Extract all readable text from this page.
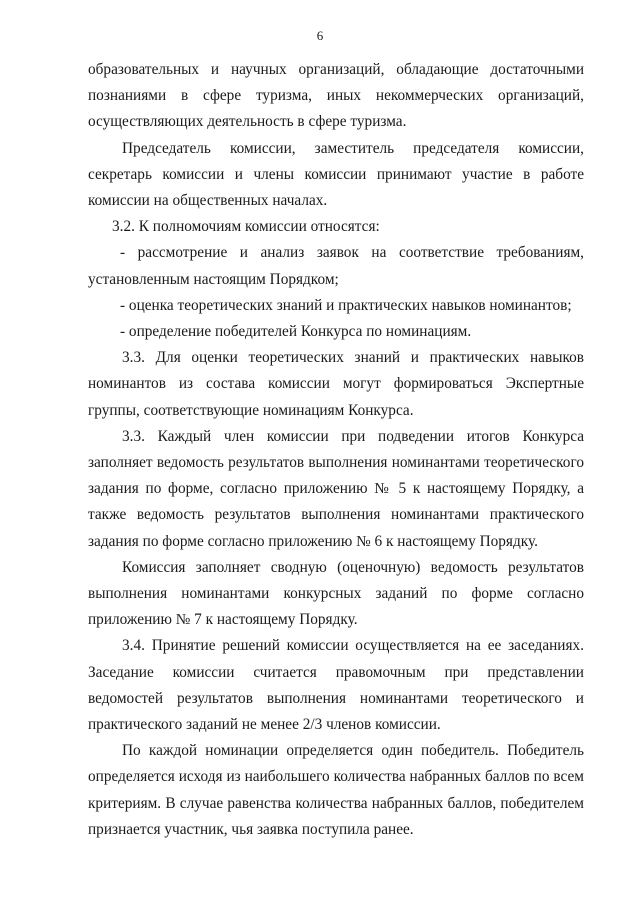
6

образовательных и научных организаций, обладающие достаточными познаниями в сфере туризма, иных некоммерческих организаций, осуществляющих деятельность в сфере туризма.

Председатель комиссии, заместитель председателя комиссии, секретарь комиссии и члены комиссии принимают участие в работе комиссии на общественных началах.

3.2. К полномочиям комиссии относятся:

- рассмотрение и анализ заявок на соответствие требованиям, установленным настоящим Порядком;

- оценка теоретических знаний и практических навыков номинантов;

- определение победителей Конкурса по номинациям.

3.3. Для оценки теоретических знаний и практических навыков номинантов из состава комиссии могут формироваться Экспертные группы, соответствующие номинациям Конкурса.

3.3. Каждый член комиссии при подведении итогов Конкурса заполняет ведомость результатов выполнения номинантами теоретического задания по форме, согласно приложению № 5 к настоящему Порядку, а также ведомость результатов выполнения номинантами практического задания по форме согласно приложению № 6 к настоящему Порядку.

Комиссия заполняет сводную (оценочную) ведомость результатов выполнения номинантами конкурсных заданий по форме согласно приложению № 7 к настоящему Порядку.

3.4. Принятие решений комиссии осуществляется на ее заседаниях. Заседание комиссии считается правомочным при представлении ведомостей результатов выполнения номинантами теоретического и практического заданий не менее 2/3 членов комиссии.

По каждой номинации определяется один победитель. Победитель определяется исходя из наибольшего количества набранных баллов по всем критериям. В случае равенства количества набранных баллов, победителем признается участник, чья заявка поступила ранее.
